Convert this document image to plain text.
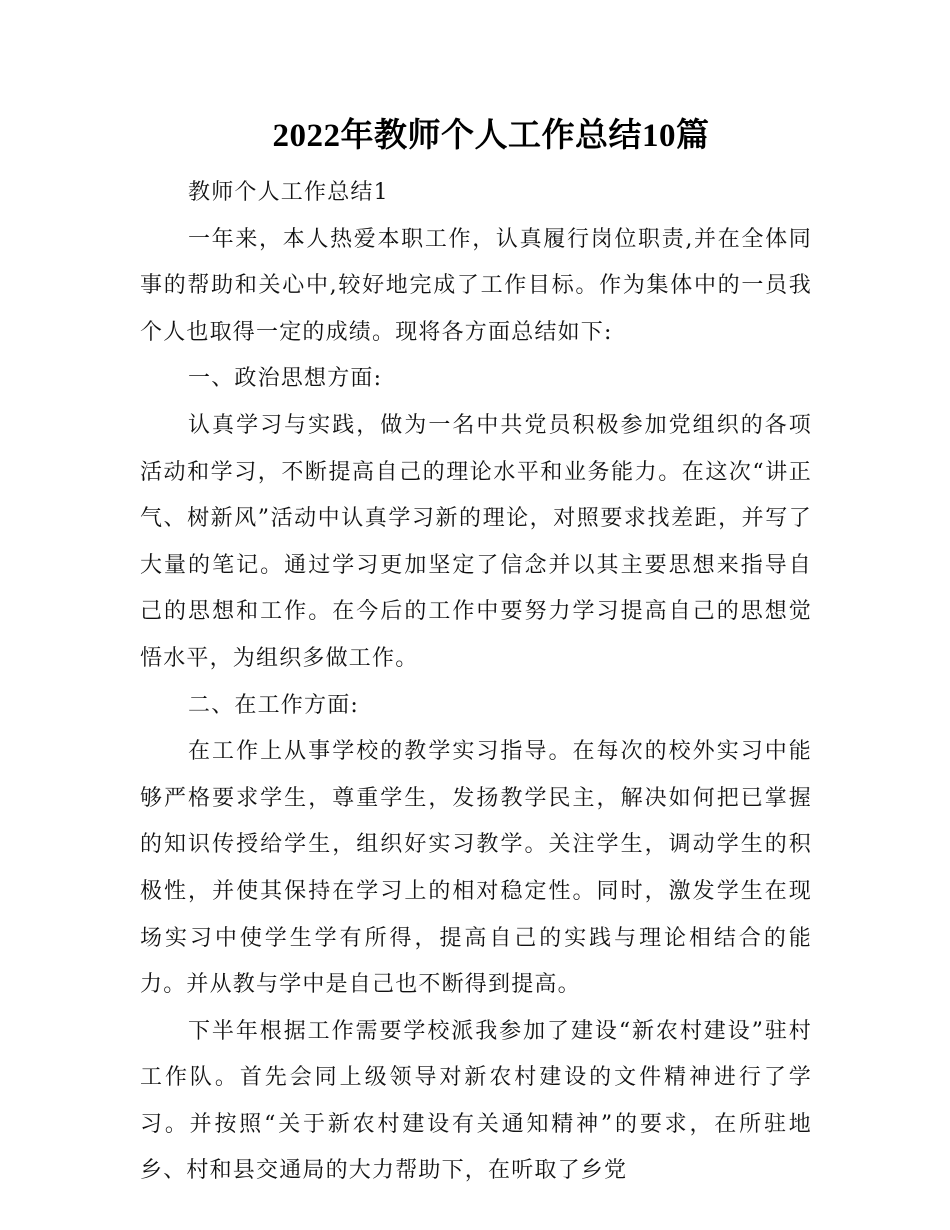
2022年教师个人工作总结10篇

教师个人工作总结1

一年来，本人热爱本职工作，认真履行岗位职责,并在全体同事的帮助和关心中,较好地完成了工作目标。作为集体中的一员我个人也取得一定的成绩。现将各方面总结如下:

一、政治思想方面:

认真学习与实践，做为一名中共党员积极参加党组织的各项活动和学习，不断提高自己的理论水平和业务能力。在这次“讲正气、树新风”活动中认真学习新的理论，对照要求找差距，并写了大量的笔记。通过学习更加坚定了信念并以其主要思想来指导自己的思想和工作。在今后的工作中要努力学习提高自己的思想觉悟水平，为组织多做工作。

二、在工作方面:

在工作上从事学校的教学实习指导。在每次的校外实习中能够严格要求学生，尊重学生，发扬教学民主，解决如何把已掌握的知识传授给学生，组织好实习教学。关注学生，调动学生的积极性，并使其保持在学习上的相对稳定性。同时，激发学生在现场实习中使学生学有所得，提高自己的实践与理论相结合的能力。并从教与学中是自己也不断得到提高。

下半年根据工作需要学校派我参加了建设“新农村建设”驻村工作队。首先会同上级领导对新农村建设的文件精神进行了学习。并按照“关于新农村建设有关通知精神”的要求，在所驻地乡、村和县交通局的大力帮助下，在听取了乡党
